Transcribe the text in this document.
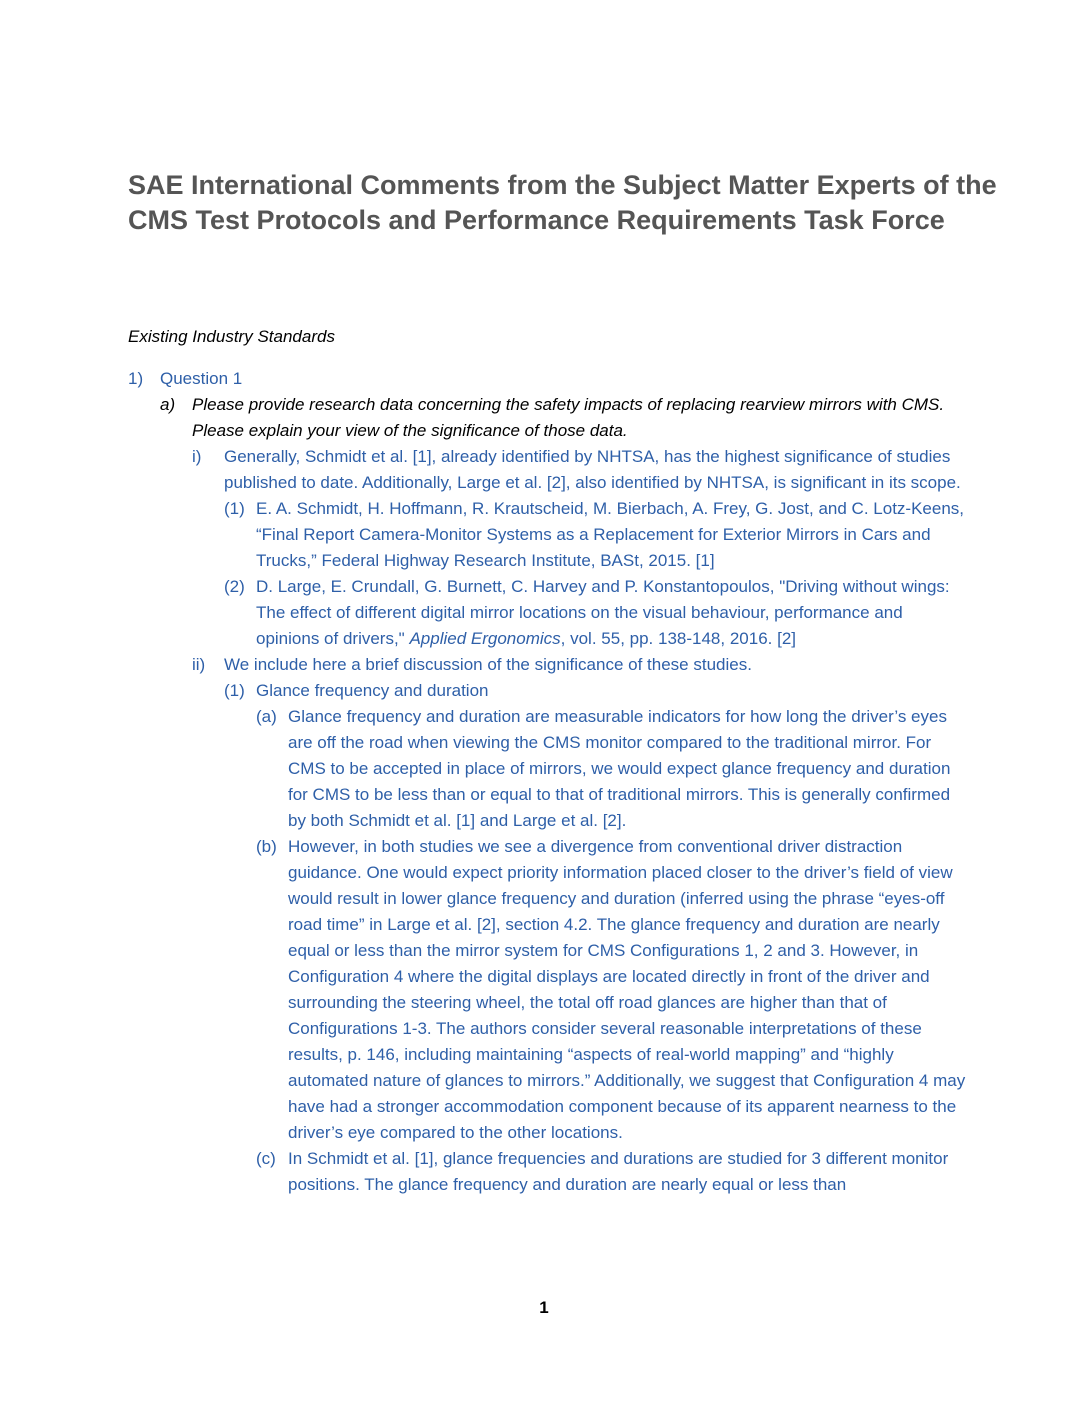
SAE International Comments from the Subject Matter Experts of the CMS Test Protocols and Performance Requirements Task Force

Existing Industry Standards

1) Question 1
a) Please provide research data concerning the safety impacts of replacing rearview mirrors with CMS. Please explain your view of the significance of those data.
i) Generally, Schmidt et al. [1], already identified by NHTSA, has the highest significance of studies published to date. Additionally, Large et al. [2], also identified by NHTSA, is significant in its scope.
(1) E. A. Schmidt, H. Hoffmann, R. Krautscheid, M. Bierbach, A. Frey, G. Jost, and C. Lotz-Keens, “Final Report Camera-Monitor Systems as a Replacement for Exterior Mirrors in Cars and Trucks,” Federal Highway Research Institute, BASt, 2015. [1]
(2) D. Large, E. Crundall, G. Burnett, C. Harvey and P. Konstantopoulos, "Driving without wings: The effect of different digital mirror locations on the visual behaviour, performance and opinions of drivers," Applied Ergonomics, vol. 55, pp. 138-148, 2016. [2]
ii) We include here a brief discussion of the significance of these studies.
(1) Glance frequency and duration
(a) Glance frequency and duration are measurable indicators for how long the driver’s eyes are off the road when viewing the CMS monitor compared to the traditional mirror. For CMS to be accepted in place of mirrors, we would expect glance frequency and duration for CMS to be less than or equal to that of traditional mirrors. This is generally confirmed by both Schmidt et al. [1] and Large et al. [2].
(b) However, in both studies we see a divergence from conventional driver distraction guidance. One would expect priority information placed closer to the driver’s field of view would result in lower glance frequency and duration (inferred using the phrase “eyes-off road time” in Large et al. [2], section 4.2. The glance frequency and duration are nearly equal or less than the mirror system for CMS Configurations 1, 2 and 3. However, in Configuration 4 where the digital displays are located directly in front of the driver and surrounding the steering wheel, the total off road glances are higher than that of Configurations 1-3. The authors consider several reasonable interpretations of these results, p. 146, including maintaining “aspects of real-world mapping” and “highly automated nature of glances to mirrors.” Additionally, we suggest that Configuration 4 may have had a stronger accommodation component because of its apparent nearness to the driver’s eye compared to the other locations.
(c) In Schmidt et al. [1], glance frequencies and durations are studied for 3 different monitor positions. The glance frequency and duration are nearly equal or less than
1
